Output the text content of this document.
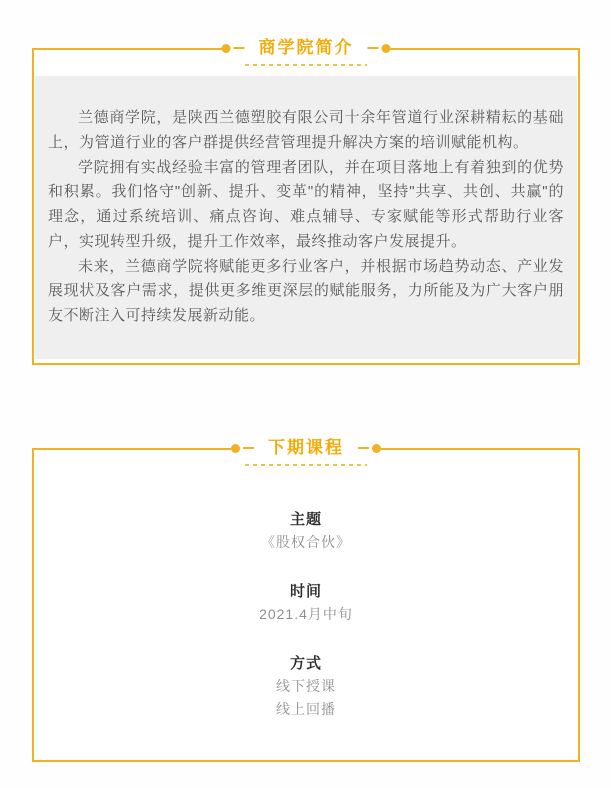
商学院简介

兰德商学院，是陕西兰德塑胶有限公司十余年管道行业深耕精耘的基础上，为管道行业的客户群提供经营管理提升解决方案的培训赋能机构。

学院拥有实战经验丰富的管理者团队，并在项目落地上有着独到的优势和积累。我们恪守"创新、提升、变革"的精神，坚持"共享、共创、共赢"的理念，通过系统培训、痛点咨询、难点辅导、专家赋能等形式帮助行业客户，实现转型升级，提升工作效率，最终推动客户发展提升。

未来，兰德商学院将赋能更多行业客户，并根据市场趋势动态、产业发展现状及客户需求，提供更多维更深层的赋能服务，力所能及为广大客户朋友不断注入可持续发展新动能。

下期课程
主题
《股权合伙》
时间
2021.4月中旬
方式
线下授课
线上回播
